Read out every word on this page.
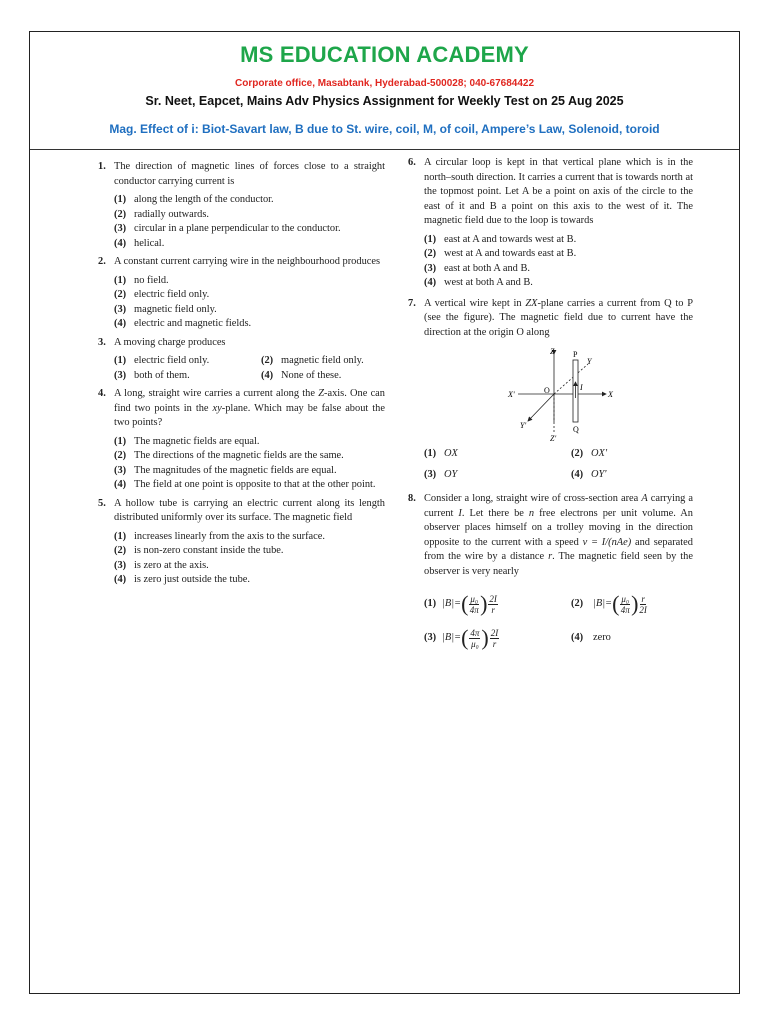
MS EDUCATION ACADEMY
Corporate office, Masabtank, Hyderabad-500028; 040-67684422
Sr. Neet, Eapcet, Mains Adv Physics Assignment for Weekly Test on 25 Aug 2025
Mag. Effect of i: Biot-Savart law, B due to St. wire, coil, M, of coil, Ampere’s Law, Solenoid, toroid
1. The direction of magnetic lines of forces close to a straight conductor carrying current is
(1) along the length of the conductor.
(2) radially outwards.
(3) circular in a plane perpendicular to the conductor.
(4) helical.
2. A constant current carrying wire in the neighbourhood produces
(1) no field.
(2) electric field only.
(3) magnetic field only.
(4) electric and magnetic fields.
3. A moving charge produces
(1) electric field only.	(2) magnetic field only.
(3) both of them.	(4) None of these.
4. A long, straight wire carries a current along the Z-axis. One can find two points in the xy-plane. Which may be false about the two points?
(1) The magnetic fields are equal.
(2) The directions of the magnetic fields are the same.
(3) The magnitudes of the magnetic fields are equal.
(4) The field at one point is opposite to that at the other point.
5. A hollow tube is carrying an electric current along its length distributed uniformly over its surface. The magnetic field
(1) increases linearly from the axis to the surface.
(2) is non-zero constant inside the tube.
(3) is zero at the axis.
(4) is zero just outside the tube.
6. A circular loop is kept in that vertical plane which is in the north–south direction. It carries a current that is towards north at the topmost point. Let A be a point on axis of the circle to the east of it and B a point on this axis to the west of it. The magnetic field due to the loop is towards
(1) east at A and towards west at B.
(2) west at A and towards east at B.
(3) east at both A and B.
(4) west at both A and B.
7. A vertical wire kept in ZX-plane carries a current from Q to P (see the figure). The magnetic field due to current have the direction at the origin O along
Z
Z'
X
X'
Y
Y'
P
Q
O	I
(1) OX	(2) OX'
(3) OY	(4) OY'
8. Consider a long, straight wire of cross-section area A carrying a current I. Let there be n free electrons per unit volume. An observer places himself on a trolley moving in the direction opposite to the current with a speed v = I/(nAe) and separated from the wire by a distance r. The magnetic field seen by the observer is very nearly
(1) |B|= ( $\frac{\text{μ₀}}{4\pi}$ ) $\frac{2I}{r}$	(2) |B|= ( $\frac{\text{μ₀}}{4\pi}$ ) $\frac{r}{2I}$
(3) |B|= ( $\frac{4\pi}{\text{μ₀}}$ ) $\frac{2I}{r}$	(4) zero
